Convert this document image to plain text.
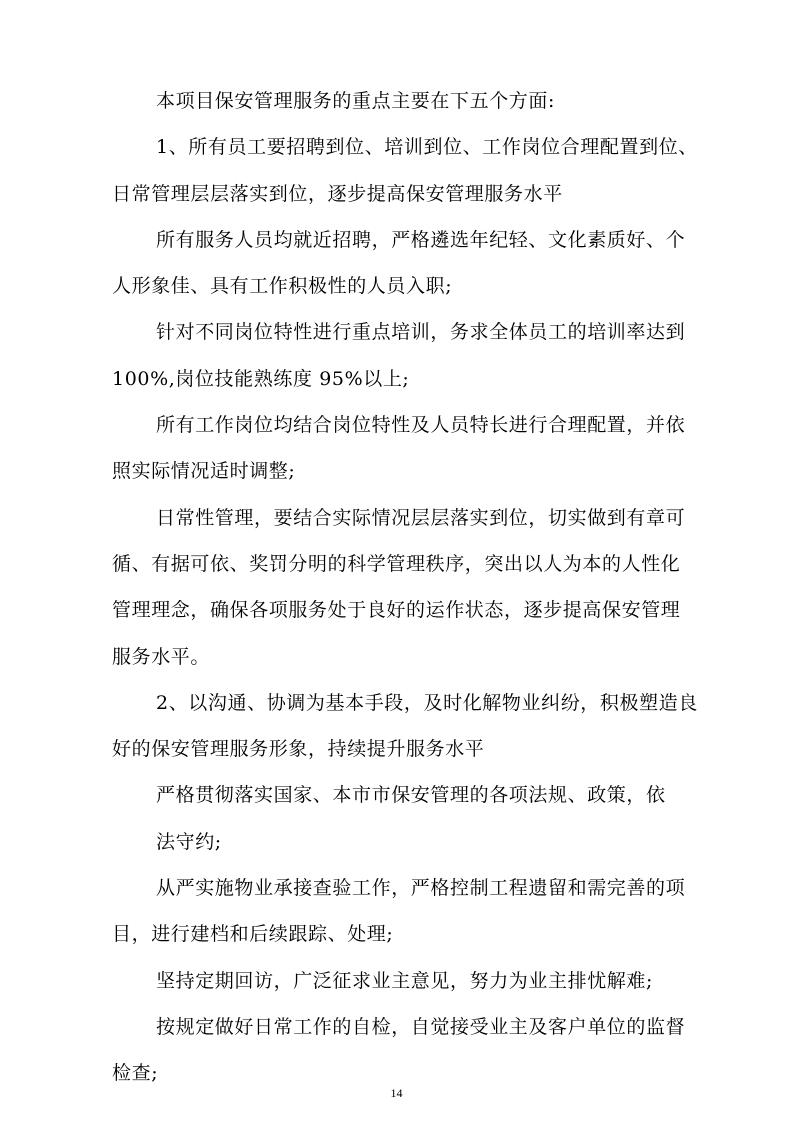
本项目保安管理服务的重点主要在下五个方面:
1、所有员工要招聘到位、培训到位、工作岗位合理配置到位、
日常管理层层落实到位，逐步提高保安管理服务水平
所有服务人员均就近招聘，严格遴选年纪轻、文化素质好、个
人形象佳、具有工作积极性的人员入职;
针对不同岗位特性进行重点培训，务求全体员工的培训率达到
100%,岗位技能熟练度 95%以上;
所有工作岗位均结合岗位特性及人员特长进行合理配置，并依
照实际情况适时调整;
日常性管理，要结合实际情况层层落实到位，切实做到有章可
循、有据可依、奖罚分明的科学管理秩序，突出以人为本的人性化
管理理念，确保各项服务处于良好的运作状态，逐步提高保安管理
服务水平。
2、以沟通、协调为基本手段，及时化解物业纠纷，积极塑造良
好的保安管理服务形象，持续提升服务水平
严格贯彻落实国家、本市市保安管理的各项法规、政策，依
法守约;
从严实施物业承接查验工作，严格控制工程遗留和需完善的项
目，进行建档和后续跟踪、处理;
坚持定期回访，广泛征求业主意见，努力为业主排忧解难;
按规定做好日常工作的自检，自觉接受业主及客户单位的监督
检查;
14
